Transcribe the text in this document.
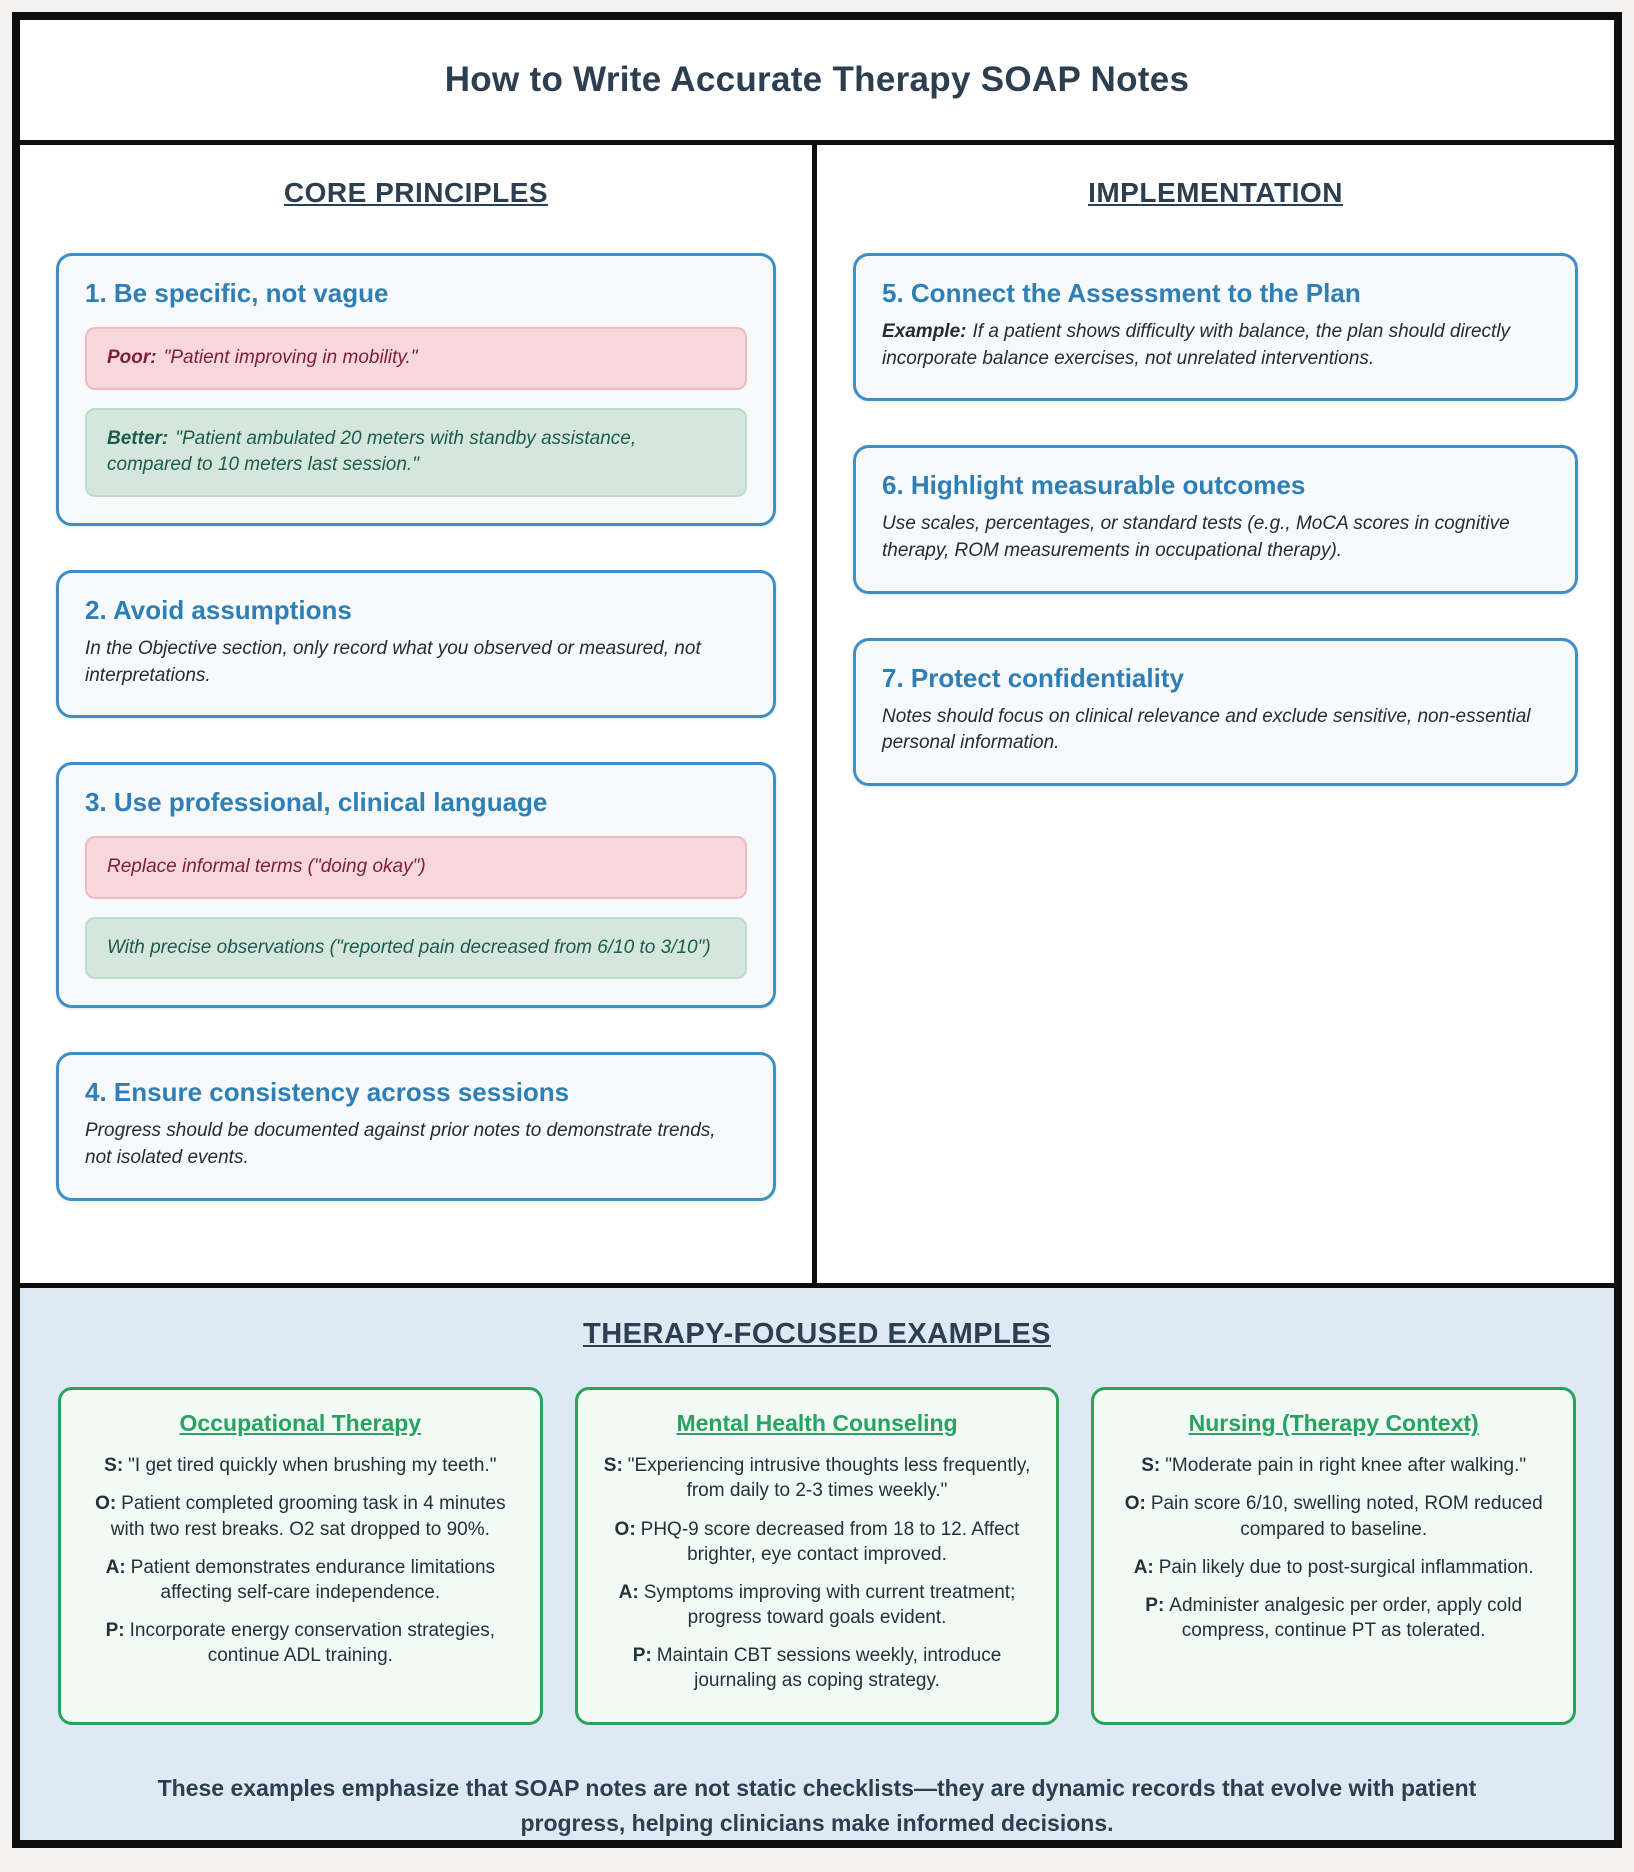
How to Write Accurate Therapy SOAP Notes
CORE PRINCIPLES
1. Be specific, not vague
Poor: "Patient improving in mobility."
Better: "Patient ambulated 20 meters with standby assistance, compared to 10 meters last session."
2. Avoid assumptions
In the Objective section, only record what you observed or measured, not interpretations.
3. Use professional, clinical language
Replace informal terms ("doing okay")
With precise observations ("reported pain decreased from 6/10 to 3/10")
4. Ensure consistency across sessions
Progress should be documented against prior notes to demonstrate trends, not isolated events.
IMPLEMENTATION
5. Connect the Assessment to the Plan
Example: If a patient shows difficulty with balance, the plan should directly incorporate balance exercises, not unrelated interventions.
6. Highlight measurable outcomes
Use scales, percentages, or standard tests (e.g., MoCA scores in cognitive therapy, ROM measurements in occupational therapy).
7. Protect confidentiality
Notes should focus on clinical relevance and exclude sensitive, non-essential personal information.
THERAPY-FOCUSED EXAMPLES
Occupational Therapy
S: "I get tired quickly when brushing my teeth."
O: Patient completed grooming task in 4 minutes with two rest breaks. O2 sat dropped to 90%.
A: Patient demonstrates endurance limitations affecting self-care independence.
P: Incorporate energy conservation strategies, continue ADL training.
Mental Health Counseling
S: "Experiencing intrusive thoughts less frequently, from daily to 2-3 times weekly."
O: PHQ-9 score decreased from 18 to 12. Affect brighter, eye contact improved.
A: Symptoms improving with current treatment; progress toward goals evident.
P: Maintain CBT sessions weekly, introduce journaling as coping strategy.
Nursing (Therapy Context)
S: "Moderate pain in right knee after walking."
O: Pain score 6/10, swelling noted, ROM reduced compared to baseline.
A: Pain likely due to post-surgical inflammation.
P: Administer analgesic per order, apply cold compress, continue PT as tolerated.
These examples emphasize that SOAP notes are not static checklists—they are dynamic records that evolve with patient progress, helping clinicians make informed decisions.
